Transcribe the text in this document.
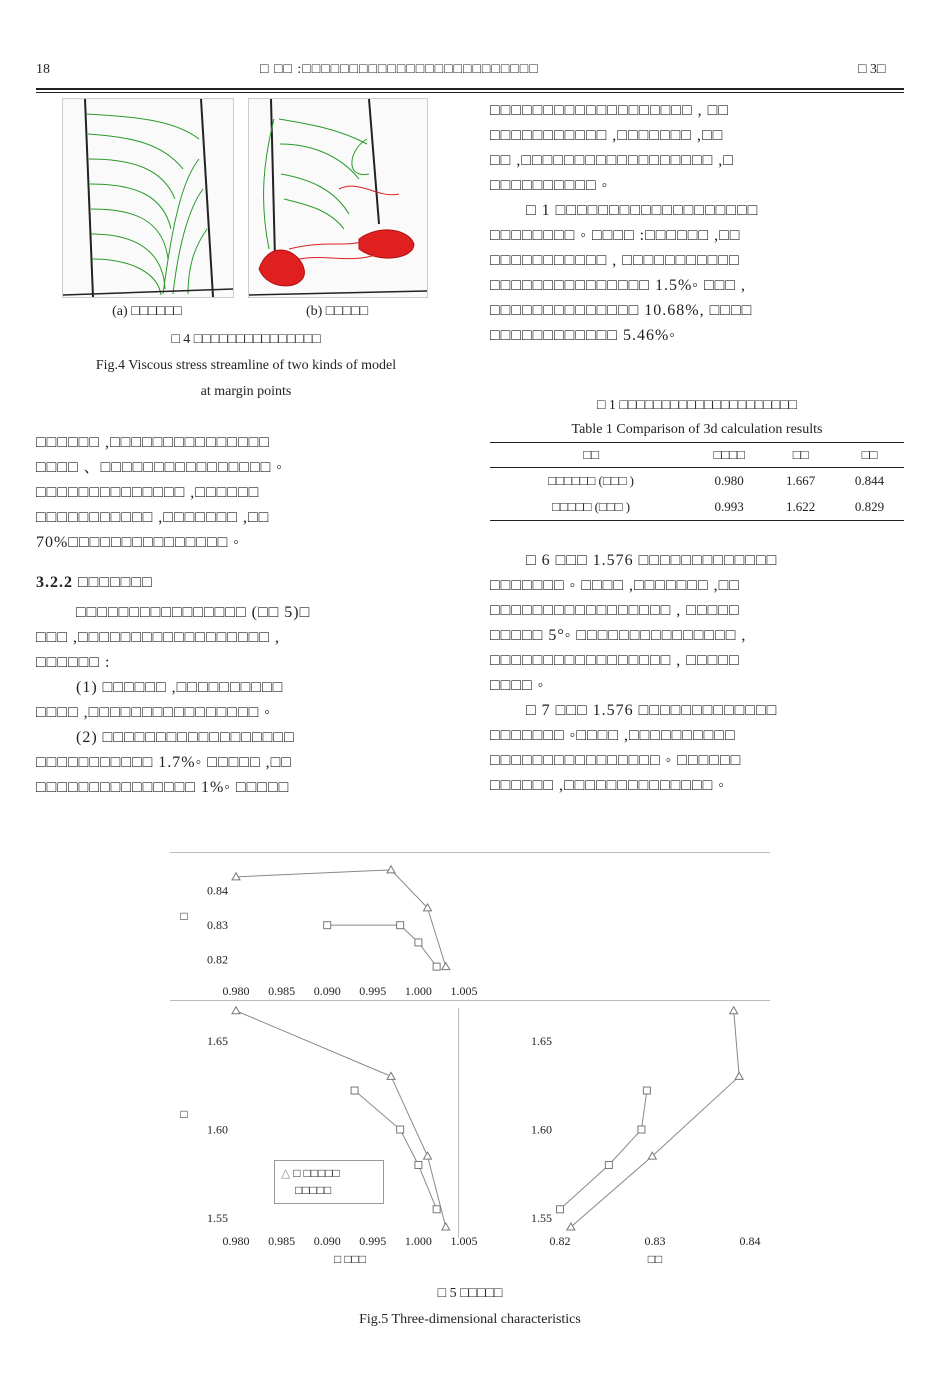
18	□ □□ :□□□□□□□□□□□□□□□□□□□□□□□□□	□ 3□
(a) □□□□□□	(b) □□□□□
□ 4 □□□□□□□□□□□□□□□
Fig.4 Viscous stress streamline of two kinds of model
at margin points
□□□□□□ ,□□□□□□□□□□□□□□□
□□□□ 、□□□□□□□□□□□□□□□□ ◦
□□□□□□□□□□□□□□ ,□□□□□□
□□□□□□□□□□□ ,□□□□□□□ ,□□
70%□□□□□□□□□□□□□□□ ◦
3.2.2 □□□□□□□
□□□□□□□□□□□□□□□□ (□□ 5)□
□□□ ,□□□□□□□□□□□□□□□□□□ ,
□□□□□□ :
(1) □□□□□□ ,□□□□□□□□□□
□□□□ ,□□□□□□□□□□□□□□□□ ◦
(2) □□□□□□□□□□□□□□□□□□
□□□□□□□□□□□ 1.7%◦ □□□□□ ,□□
□□□□□□□□□□□□□□□ 1%◦ □□□□□
□□□□□□□□□□□□□□□□□□□ , □□
□□□□□□□□□□□ ,□□□□□□□ ,□□
□□ ,□□□□□□□□□□□□□□□□□□ ,□
□□□□□□□□□□ ◦
□ 1 □□□□□□□□□□□□□□□□□□□
□□□□□□□□ ◦ □□□□ :□□□□□□ ,□□
□□□□□□□□□□□ , □□□□□□□□□□□
□□□□□□□□□□□□□□□ 1.5%◦ □□□ ,
□□□□□□□□□□□□□□ 10.68%, □□□□
□□□□□□□□□□□□ 5.46%◦
□ 1 □□□□□□□□□□□□□□□□□□□□□
Table 1 Comparison of 3d calculation results
□□	□□□□	□□	□□
□□□□□□ (□□□ )	0.980	1.667	0.844
□□□□□ (□□□ )	0.993	1.622	0.829
□ 6 □□□ 1.576 □□□□□□□□□□□□□
□□□□□□□ ◦ □□□□ ,□□□□□□□ ,□□
□□□□□□□□□□□□□□□□□ , □□□□□
□□□□□ 5°◦ □□□□□□□□□□□□□□□ ,
□□□□□□□□□□□□□□□□□ , □□□□□
□□□□ ◦
□ 7 □□□ 1.576 □□□□□□□□□□□□□
□□□□□□□ ◦□□□□ ,□□□□□□□□□□
□□□□□□□□□□□□□□□□ ◦ □□□□□□
□□□□□□ ,□□□□□□□□□□□□□□ ◦
0.980 0.985 0.090 0.995 1.000 1.005
0.84
0.83
0.82
□
0.980 0.985 0.090 0.995 1.000 1.005
1.65
1.60
1.55
□
□ □□□
0.82	0.83	0.84
1.65
1.60
1.55
□□
△ □ □□□□□
□□□□□
□ 5 □□□□□
Fig.5 Three-dimensional characteristics
